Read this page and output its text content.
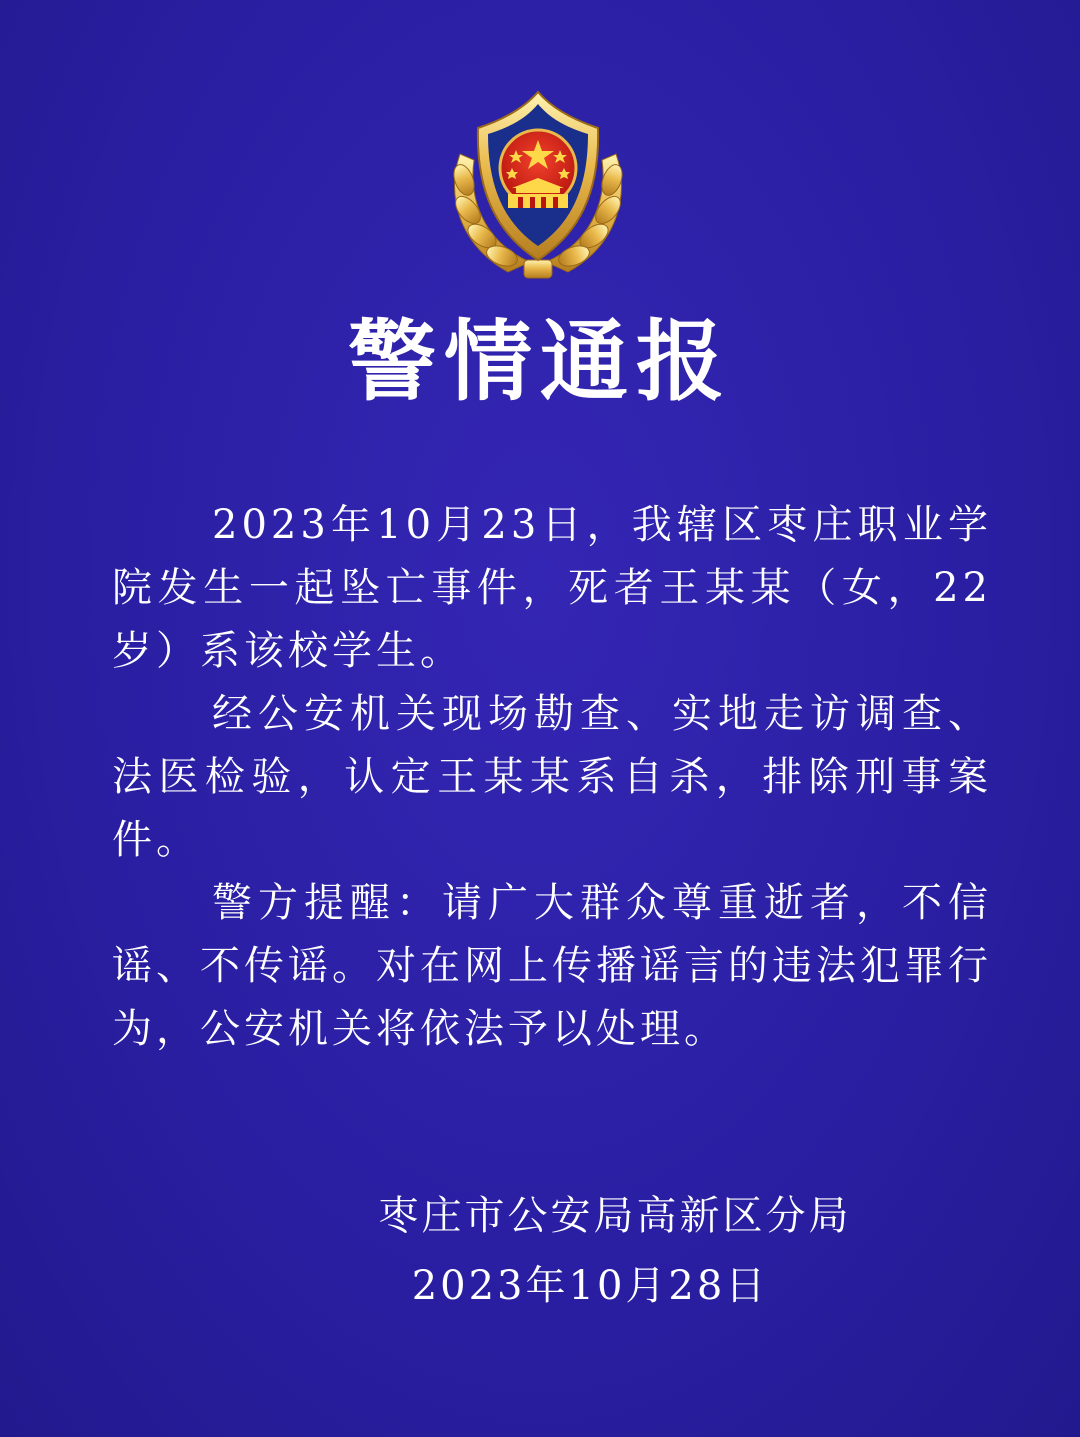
警情通报

2023年10月23日，我辖区枣庄职业学院发生一起坠亡事件，死者王某某（女，22岁）系该校学生。

经公安机关现场勘查、实地走访调查、法医检验，认定王某某系自杀，排除刑事案件。

警方提醒：请广大群众尊重逝者，不信谣、不传谣。对在网上传播谣言的违法犯罪行为，公安机关将依法予以处理。

枣庄市公安局高新区分局
2023年10月28日
